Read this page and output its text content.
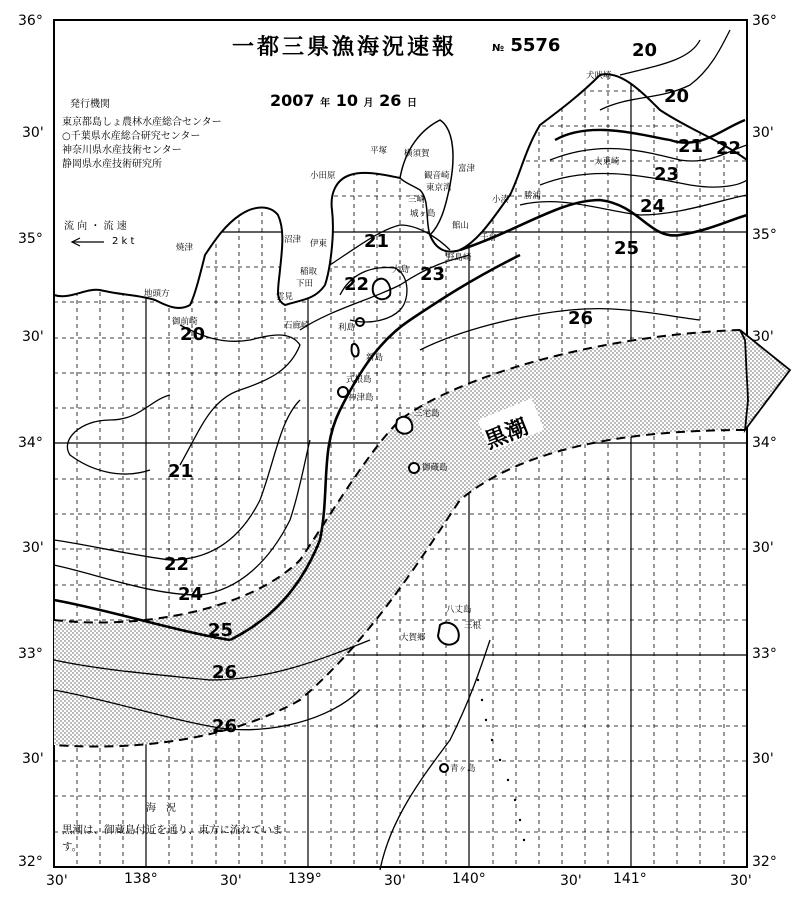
一都三県漁海況速報	№ 5576
2007 年 10 月 26 日
発行機関
東京都島しょ農林水産総合センター
○千葉県水産総合研究センター
神奈川県水産技術センター
静岡県水産技術研究所
流 向 ・ 流 速
2 k t
36°
30'
35°
30'
34°
30'
33°
30'
32°
36°
30'
35°
30'
34°
30'
33°
30'
32°
30'	138°	30'	139°	30'	140°	30' 141°	30'
20
20
20
21
21
21
22
22
22
23
23
24
24
25
25
26
26
26
黒潮
犬吠埼
太東崎
勝浦
小湊
千倉
野島崎
館山
富津
平塚 横須賀
東京湾
観音崎
城ヶ島
三崎
小田原
沼津 伊東
稲取
下田
焼津
御前崎
地頭方
石廊崎
雲見
大島
利島
新島
式根島
神津島
三宅島
御蔵島
八丈島
三根
大賀郷
青ヶ島
海　況
黒潮は、御蔵島付近を通り、東方に流れています。
